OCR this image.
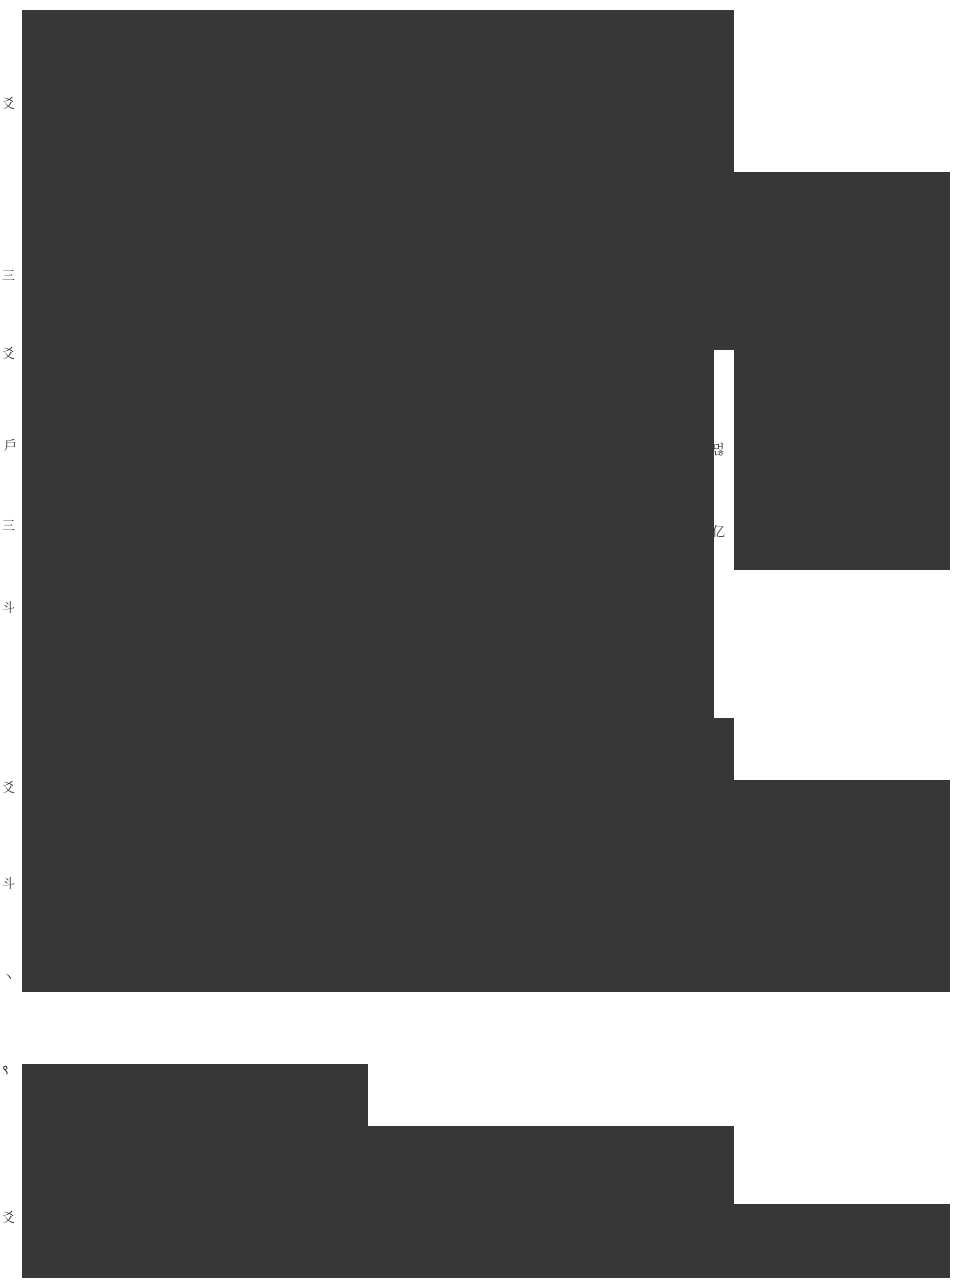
爻
三
爻
戶
三
斗
爻
斗
丶
९
爻
斥
ᐨ
먾
亿
